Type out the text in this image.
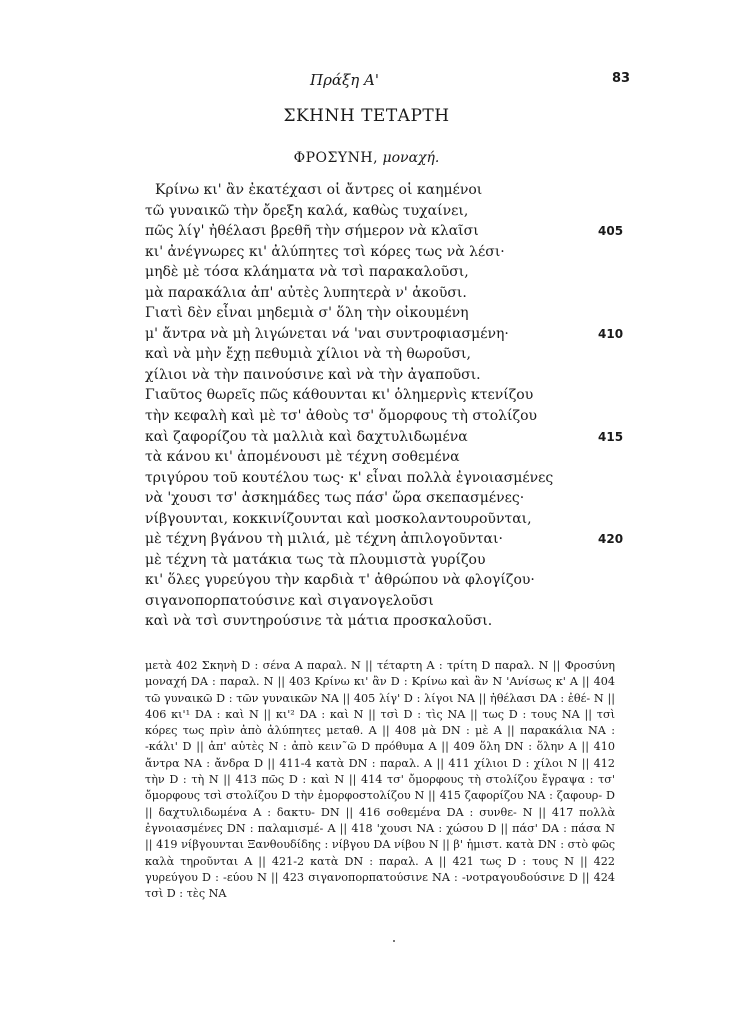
Πράξη Α'	83
ΣΚΗΝΗ ΤΕΤΑΡΤΗ
ΦΡΟΣΥΝΗ, μοναχή.
Κρίνω κι' ἂν ἐκατέχασι οἱ ἄντρες οἱ καημένοι
τῶ γυναικῶ τὴν ὄρεξη καλά, καθὼς τυχαίνει,
πῶς λίγ' ἠθέλασι βρεθῆ τὴν σήμερον νὰ κλαῖσι	405
κι' ἀνέγνωρες κι' ἀλύπητες τσὶ κόρες τως νὰ λέσι·
μηδὲ μὲ τόσα κλάηματα νὰ τσὶ παρακαλοῦσι,
μὰ παρακάλια ἀπ' αὐτὲς λυπητερὰ ν' ἀκοῦσι.
Γιατὶ δὲν εἶναι μηδεμιὰ σ' ὅλη τὴν οἰκουμένη
μ' ἄντρα νὰ μὴ λιγώνεται νά 'ναι συντροφιασμένη·	410
καὶ νὰ μὴν ἔχῃ πεθυμιὰ χίλιοι νὰ τὴ θωροῦσι,
χίλιοι νὰ τὴν παινούσινε καὶ νὰ τὴν ἀγαποῦσι.
Γιαῦτος θωρεῖς πῶς κάθουνται κι' ὁλημερνὶς κτενίζου
τὴν κεφαλὴ καὶ μὲ τσ' ἀθοὺς τσ' ὄμορφους τὴ στολίζου
καὶ ζαφορίζου τὰ μαλλιὰ καὶ δαχτυλιδωμένα	415
τὰ κάνου κι' ἀπομένουσι μὲ τέχνη σοθεμένα
τριγύρου τοῦ κουτέλου τως· κ' εἶναι πολλὰ ἐγνοιασμένες
νὰ 'χουσι τσ' ἀσκημάδες τως πάσ' ὥρα σκεπασμένες·
νίβγουνται, κοκκινίζουνται καὶ μοσκολαντουροῦνται,
μὲ τέχνη βγάνου τὴ μιλιά, μὲ τέχνη ἀπιλογοῦνται·	420
μὲ τέχνη τὰ ματάκια τως τὰ πλουμιστὰ γυρίζου
κι' ὅλες γυρεύγου τὴν καρδιὰ τ' ἀθρώπου νὰ φλογίζου·
σιγανοπορπατούσινε καὶ σιγανογελοῦσι
καὶ νὰ τσὶ συντηρούσινε τὰ μάτια προσκαλοῦσι.

μετὰ 402 Σκηνὴ D : σένα A παραλ. N || τέταρτη A : τρίτη D παραλ. N || Φροσύνη μοναχή DA : παραλ. N || 403 Κρίνω κι' ἂν D : Κρίνω καὶ ἂν N 'Ανίσως κ' A || 404 τῶ γυναικῶ D : τῶν γυναικῶν NA || 405 λίγ' D : λίγοι NA || ἠθέλασι DA : ἐθέ- N || 406 κι'¹ DA : καὶ N || κι'² DA : καὶ N || τσὶ D : τὶς NA || τως D : τους NA || τσὶ κόρες τως πρὶν ἀπὸ ἀλύπητες μεταθ. A || 408 μὰ DN : μὲ A || παρακάλια NA : -κάλι' D || ἀπ' αὐτὲς N : ἀπὸ κειν῀ῶ D πρόθυμα A || 409 ὅλη DN : ὅλην A || 410 ἄντρα NA : ἄνδρα D || 411-4 κατὰ DN : παραλ. A || 411 χίλιοι D : χίλοι N || 412 τὴν D : τὴ N || 413 πῶς D : καὶ N || 414 τσ' ὄμορφους τὴ στολίζου ἔγραψα : τσ' ὄμορφους τσὶ στολίζου D τὴν ἐμορφοστολίζου N || 415 ζαφορίζου NA : ζαφουρ- D || δαχτυλιδωμένα A : δακτυ- DN || 416 σοθεμένα DA : συνθε- N || 417 πολλὰ ἐγνοιασμένες DN : παλαμισμέ- A || 418 'χουσι NA : χώσου D || πάσ' DA : πάσα N || 419 νίβγουνται Ξανθουδίδης : νίβγου DA νίβου N || β' ἡμιστ. κατὰ DN : στὸ φῶς καλὰ τηροῦνται A || 421-2 κατὰ DN : παραλ. A || 421 τως D : τους N || 422 γυρεύγου D : -εύου N || 423 σιγανοπορπατούσινε NA : -νοτραγουδούσινε D || 424 τσὶ D : τὲς NA
